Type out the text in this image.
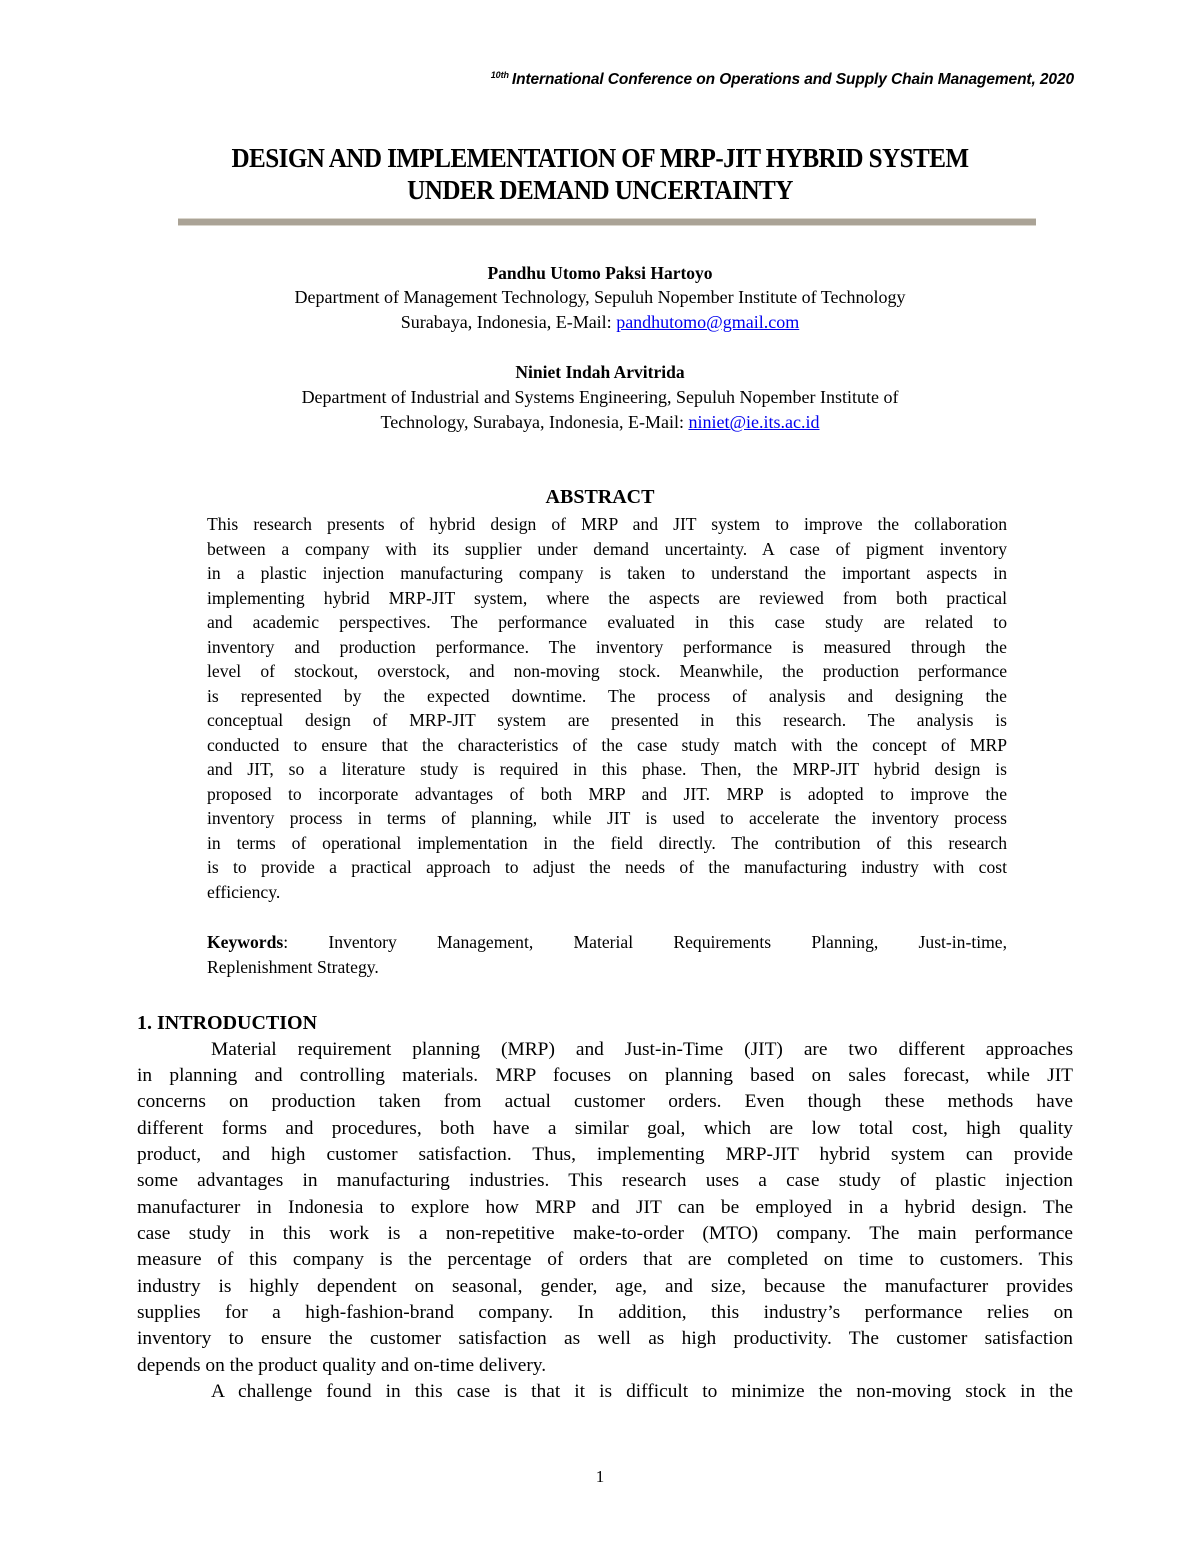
$^{10th}$ International Conference on Operations and Supply Chain Management, 2020
DESIGN AND IMPLEMENTATION OF MRP-JIT HYBRID SYSTEM
UNDER DEMAND UNCERTAINTY
Pandhu Utomo Paksi Hartoyo
Department of Management Technology, Sepuluh Nopember Institute of Technology
Surabaya, Indonesia, E-Mail: pandhutomo@gmail.com
Niniet Indah Arvitrida
Department of Industrial and Systems Engineering, Sepuluh Nopember Institute of
Technology, Surabaya, Indonesia, E-Mail: niniet@ie.its.ac.id
ABSTRACT
This research presents of hybrid design of MRP and JIT system to improve the collaboration
between a company with its supplier under demand uncertainty. A case of pigment inventory
in a plastic injection manufacturing company is taken to understand the important aspects in
implementing hybrid MRP-JIT system, where the aspects are reviewed from both practical
and academic perspectives. The performance evaluated in this case study are related to
inventory and production performance. The inventory performance is measured through the
level of stockout, overstock, and non-moving stock. Meanwhile, the production performance
is represented by the expected downtime. The process of analysis and designing the
conceptual design of MRP-JIT system are presented in this research. The analysis is
conducted to ensure that the characteristics of the case study match with the concept of MRP
and JIT, so a literature study is required in this phase. Then, the MRP-JIT hybrid design is
proposed to incorporate advantages of both MRP and JIT. MRP is adopted to improve the
inventory process in terms of planning, while JIT is used to accelerate the inventory process
in terms of operational implementation in the field directly. The contribution of this research
is to provide a practical approach to adjust the needs of the manufacturing industry with cost
efficiency.
Keywords: Inventory Management, Material Requirements Planning, Just-in-time,
Replenishment Strategy.
1. INTRODUCTION
Material requirement planning (MRP) and Just-in-Time (JIT) are two different approaches
in planning and controlling materials. MRP focuses on planning based on sales forecast, while JIT
concerns on production taken from actual customer orders. Even though these methods have
different forms and procedures, both have a similar goal, which are low total cost, high quality
product, and high customer satisfaction. Thus, implementing MRP-JIT hybrid system can provide
some advantages in manufacturing industries. This research uses a case study of plastic injection
manufacturer in Indonesia to explore how MRP and JIT can be employed in a hybrid design. The
case study in this work is a non-repetitive make-to-order (MTO) company. The main performance
measure of this company is the percentage of orders that are completed on time to customers. This
industry is highly dependent on seasonal, gender, age, and size, because the manufacturer provides
supplies for a high-fashion-brand company. In addition, this industry’s performance relies on
inventory to ensure the customer satisfaction as well as high productivity. The customer satisfaction
depends on the product quality and on-time delivery.
A challenge found in this case is that it is difficult to minimize the non-moving stock in the
1
